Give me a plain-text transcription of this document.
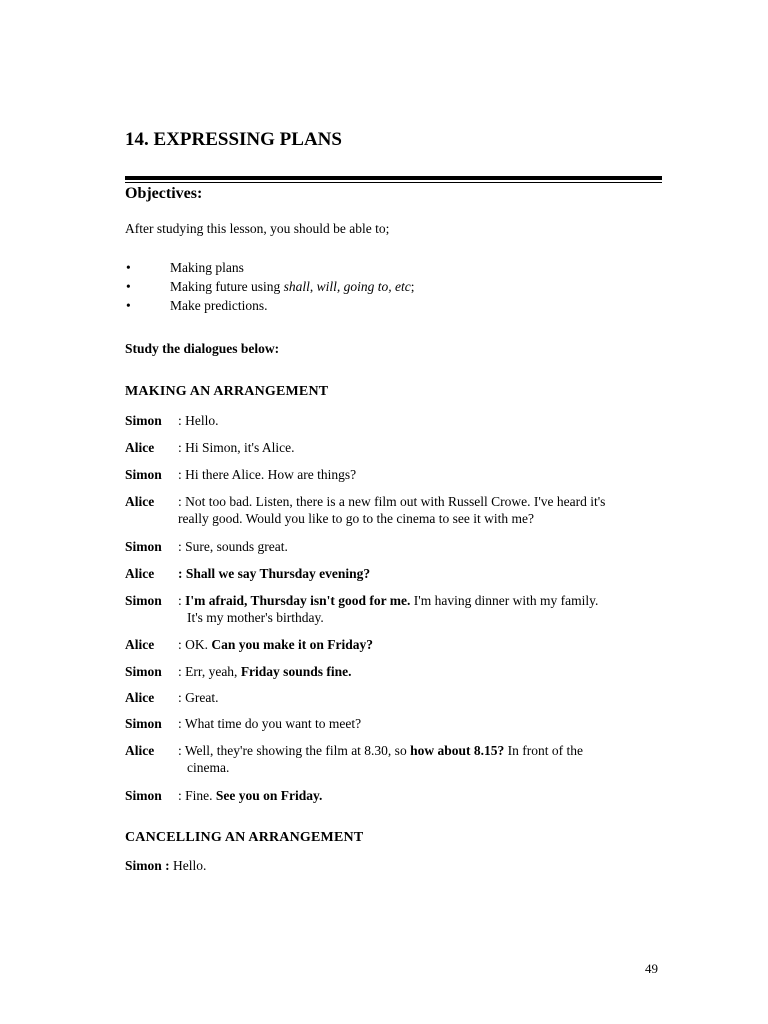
14. EXPRESSING PLANS
Objectives:

After studying this lesson, you should be able to;

•	Making plans
•	Making future using shall, will, going to, etc;
•	Make predictions.

Study the dialogues below:

MAKING AN ARRANGEMENT
Simon : Hello.
Alice : Hi Simon, it's Alice.
Simon : Hi there Alice. How are things?
Alice : Not too bad. Listen, there is a new film out with Russell Crowe. I've heard it's
really good. Would you like to go to the cinema to see it with me?
Simon : Sure, sounds great.
Alice : Shall we say Thursday evening?
Simon : I'm afraid, Thursday isn't good for me. I'm having dinner with my family.
It's my mother's birthday.
Alice : OK. Can you make it on Friday?
Simon : Err, yeah, Friday sounds fine.
Alice : Great.
Simon : What time do you want to meet?
Alice : Well, they're showing the film at 8.30, so how about 8.15? In front of the
cinema.
Simon : Fine. See you on Friday.
CANCELLING AN ARRANGEMENT
Simon : Hello.
49
